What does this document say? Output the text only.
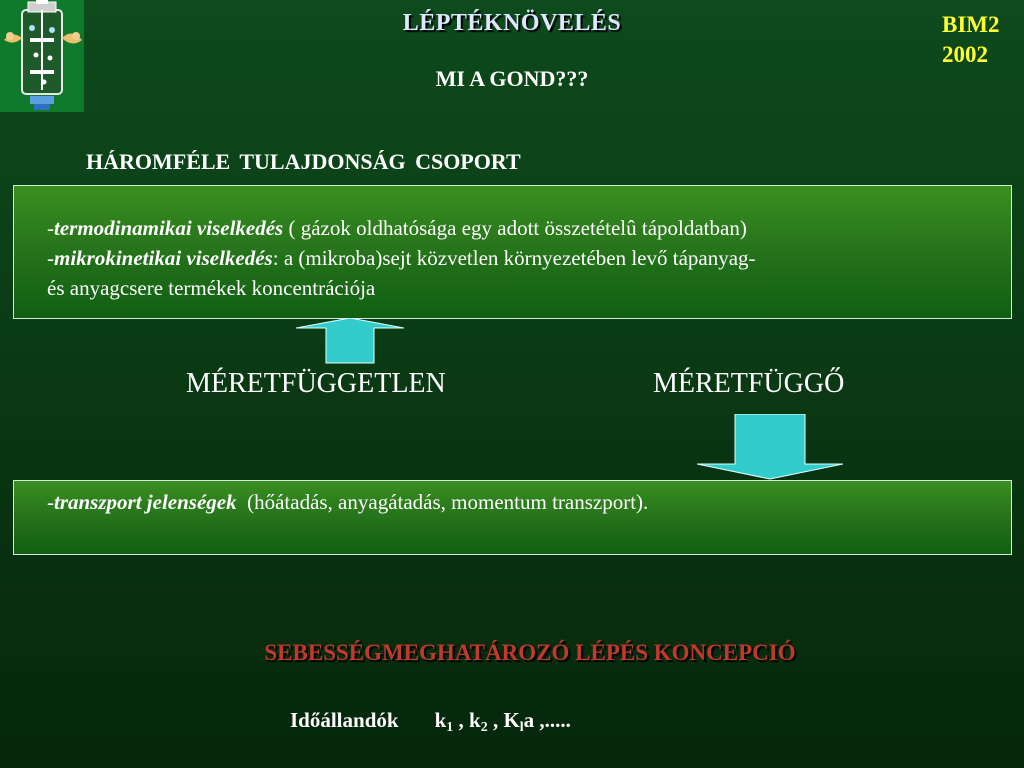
LÉPTÉKNÖVELÉS
MI A GOND???
BIM2
2002
HÁROMFÉLE TULAJDONSÁG CSOPORT
-termodinamikai viselkedés ( gázok oldhatósága egy adott összetételû tápoldatban)
-mikrokinetikai viselkedés: a (mikroba)sejt közvetlen környezetében levő tápanyag-
és anyagcsere termékek koncentrációja
MÉRETFÜGGETLEN	MÉRETFÜGGŐ
-transzport jelenségek  (hőátadás, anyagátadás, momentum transzport).
SEBESSÉGMEGHATÁROZÓ LÉPÉS KONCEPCIÓ
Időállandók $k_1$ , $k_2$ , $K_la$ ,.....
